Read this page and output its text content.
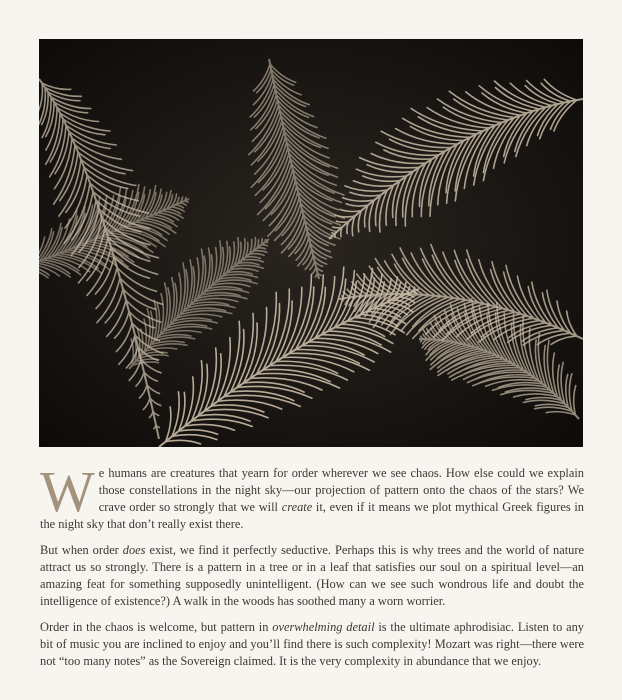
We humans are creatures that yearn for order wherever we see chaos. How else could we explain those constellations in the night sky—our projection of pattern onto the chaos of the stars? We crave order so strongly that we will create it, even if it means we plot mythical Greek figures in the night sky that don’t really exist there.

But when order does exist, we find it perfectly seductive. Perhaps this is why trees and the world of nature attract us so strongly. There is a pattern in a tree or in a leaf that satisfies our soul on a spiritual level—an amazing feat for something supposedly unintelligent. (How can we see such wondrous life and doubt the intelligence of existence?) A walk in the woods has soothed many a worn worrier.

Order in the chaos is welcome, but pattern in overwhelming detail is the ultimate aphrodisiac. Listen to any bit of music you are inclined to enjoy and you’ll find there is such complexity! Mozart was right—there were not “too many notes” as the Sovereign claimed. It is the very complexity in abundance that we enjoy.
